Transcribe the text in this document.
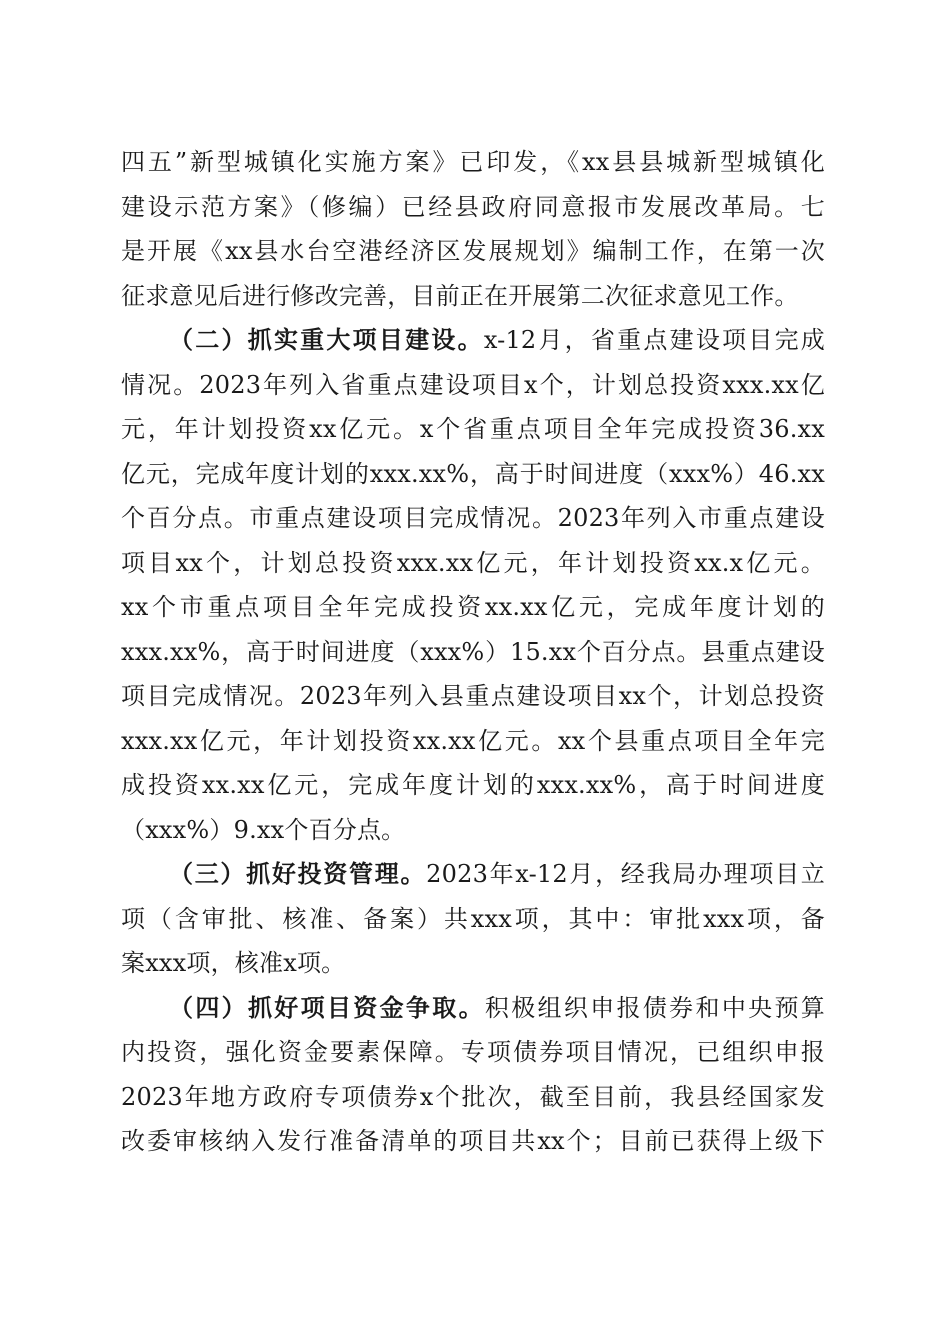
四五”新型城镇化实施方案》已印发，《xx县县城新型城镇化
建设示范方案》（修编）已经县政府同意报市发展改革局。七
是开展《xx县水台空港经济区发展规划》编制工作，在第一次
征求意见后进行修改完善，目前正在开展第二次征求意见工作。
（二）抓实重大项目建设。x-12月，省重点建设项目完成
情况。2023年列入省重点建设项目x个，计划总投资xxx.xx亿
元，年计划投资xx亿元。x个省重点项目全年完成投资36.xx
亿元，完成年度计划的xxx.xx%，高于时间进度（xxx%）46.xx
个百分点。市重点建设项目完成情况。2023年列入市重点建设
项目xx个，计划总投资xxx.xx亿元，年计划投资xx.x亿元。
xx个市重点项目全年完成投资xx.xx亿元，完成年度计划的
xxx.xx%，高于时间进度（xxx%）15.xx个百分点。县重点建设
项目完成情况。2023年列入县重点建设项目xx个，计划总投资
xxx.xx亿元，年计划投资xx.xx亿元。xx个县重点项目全年完
成投资xx.xx亿元，完成年度计划的xxx.xx%，高于时间进度
（xxx%）9.xx个百分点。
（三）抓好投资管理。2023年x-12月，经我局办理项目立
项（含审批、核准、备案）共xxx项，其中：审批xxx项，备
案xxx项，核准x项。
（四）抓好项目资金争取。积极组织申报债券和中央预算
内投资，强化资金要素保障。专项债券项目情况，已组织申报
2023年地方政府专项债券x个批次，截至目前，我县经国家发
改委审核纳入发行准备清单的项目共xx个；目前已获得上级下
